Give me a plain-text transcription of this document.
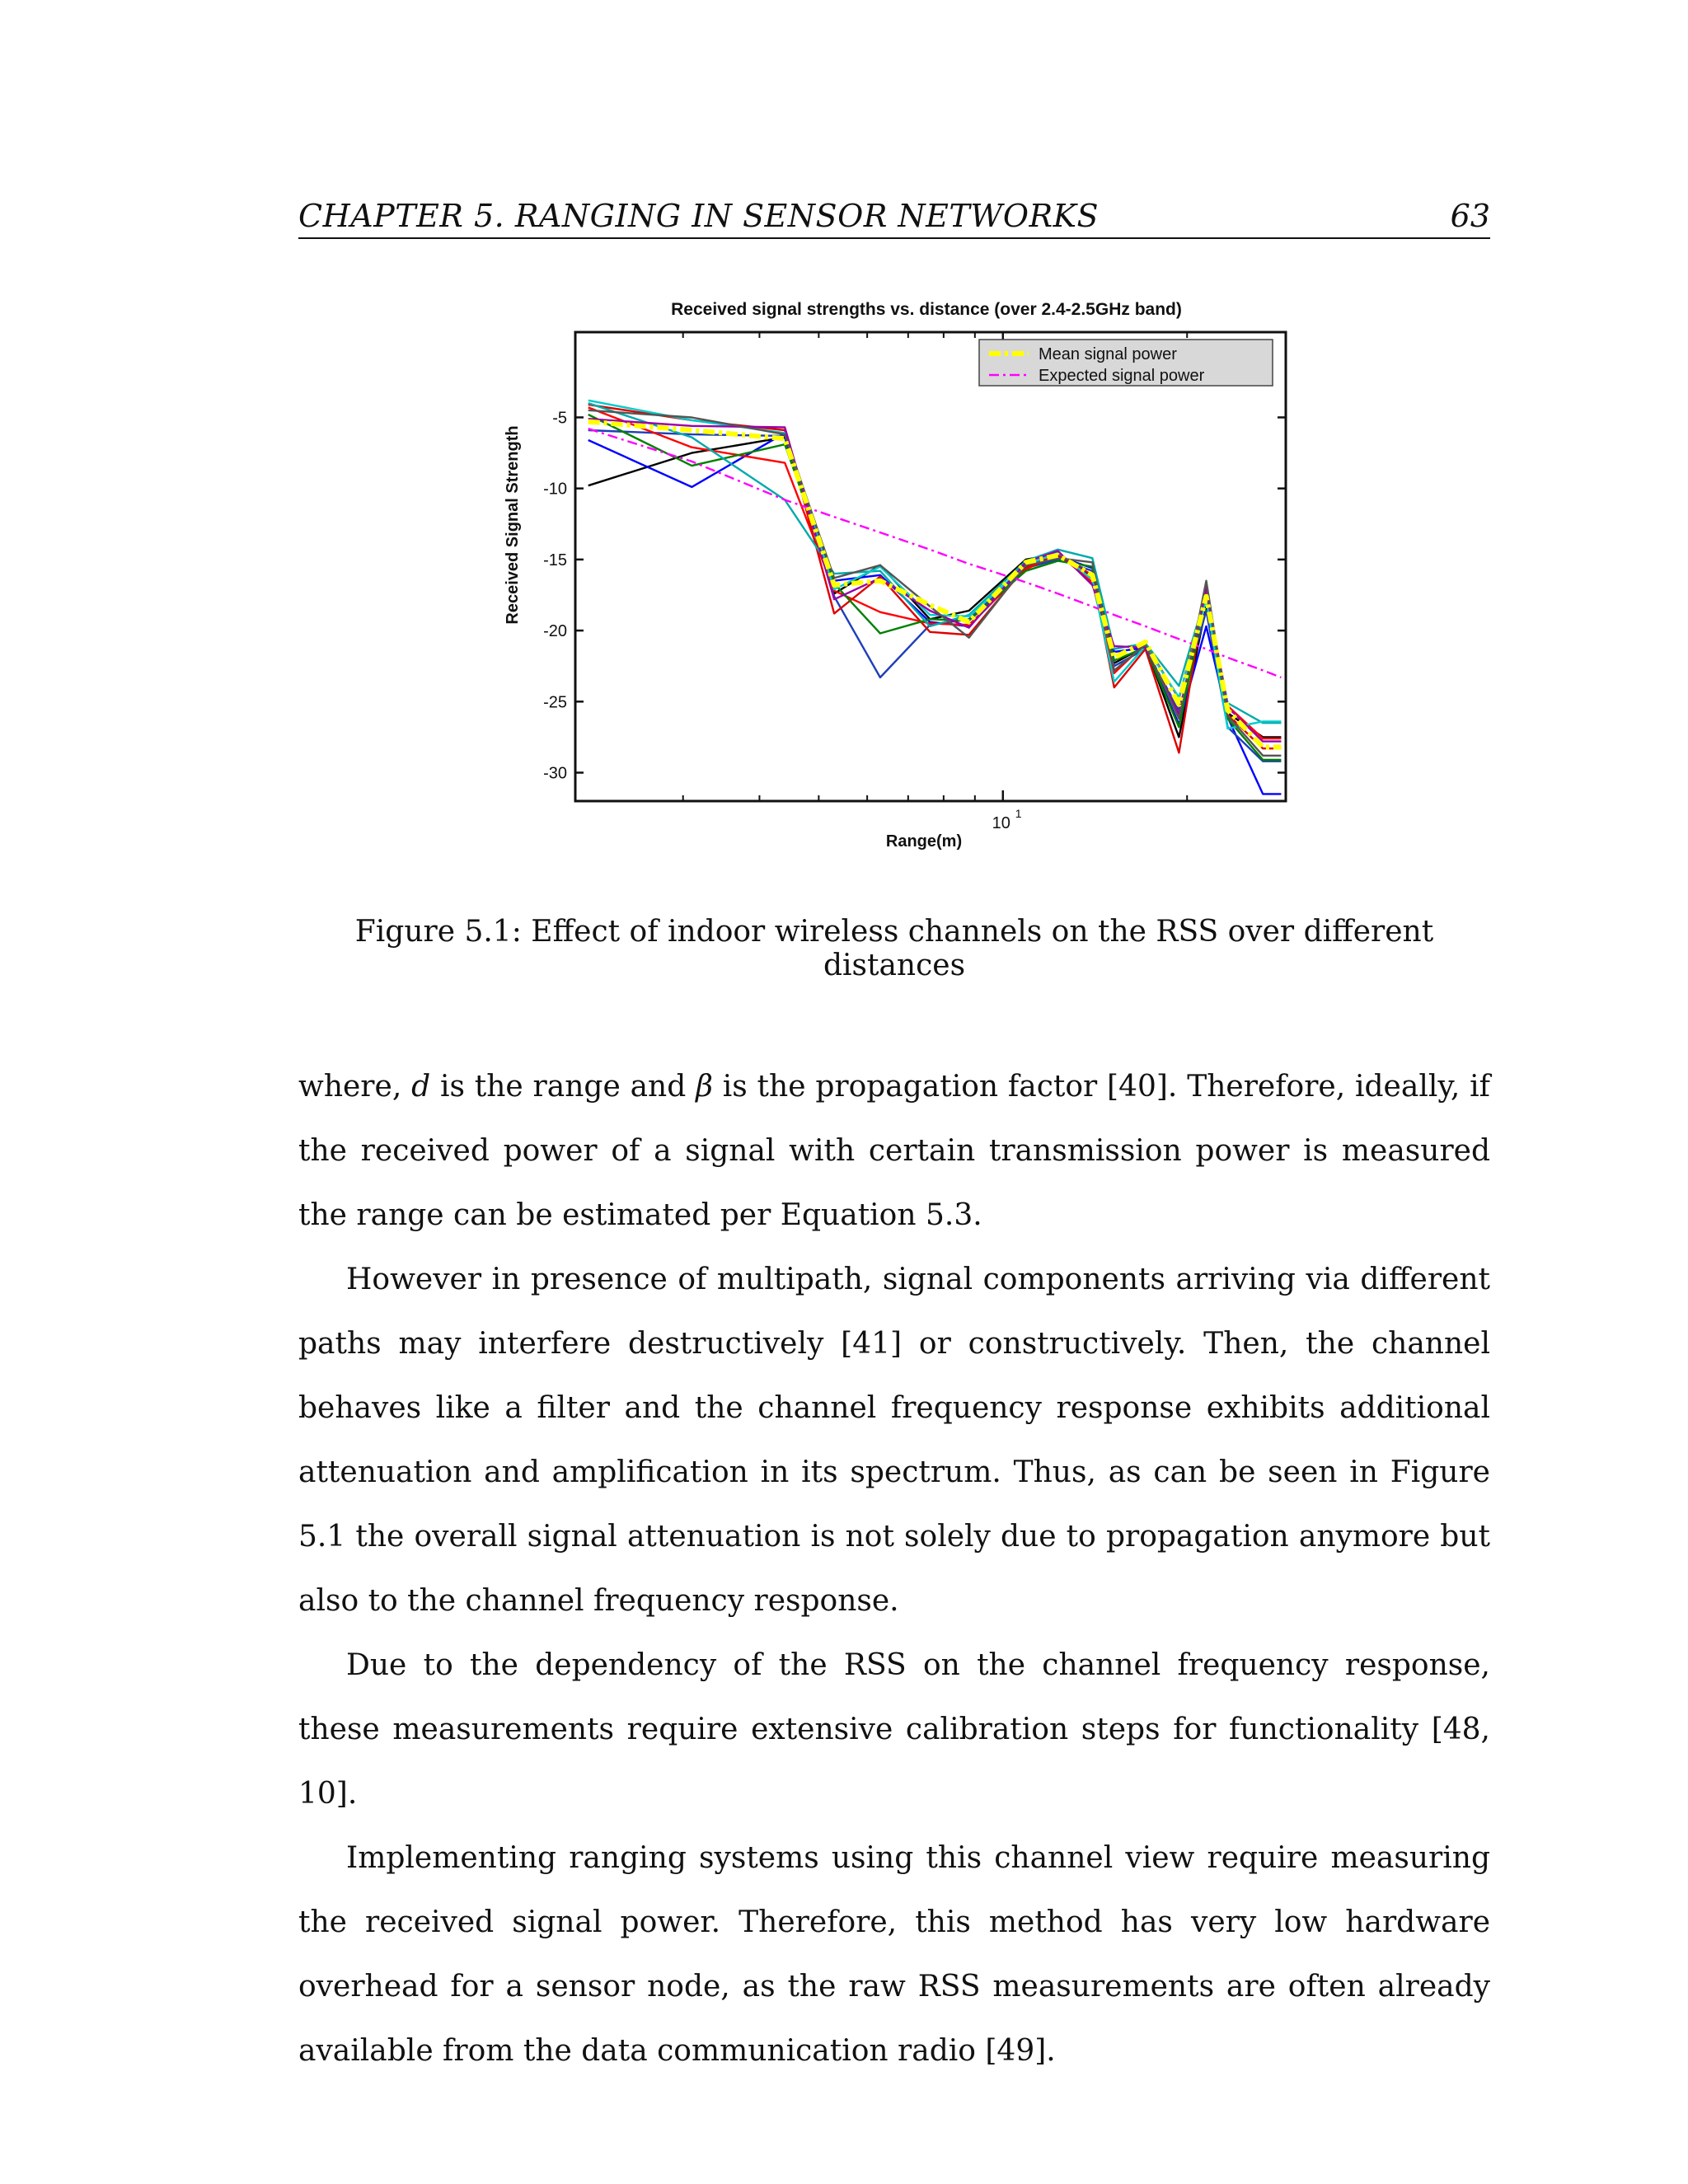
CHAPTER 5. RANGING IN SENSOR NETWORKS	63
Received signal strengths vs. distance (over 2.4-2.5GHz band)
Received Signal Strength
Range(m)
-5
-10
-15
-20
-25
-30
10
1
Mean signal power
Expected signal power
Figure 5.1: Effect of indoor wireless channels on the RSS over different distances

where, d is the range and β is the propagation factor [40]. Therefore, ideally, if the received power of a signal with certain transmission power is measured the range can be estimated per Equation 5.3.

However in presence of multipath, signal components arriving via different paths may interfere destructively [41] or constructively. Then, the channel behaves like a filter and the channel frequency response exhibits additional attenuation and amplification in its spectrum. Thus, as can be seen in Figure 5.1 the overall signal attenuation is not solely due to propagation anymore but also to the channel frequency response.

Due to the dependency of the RSS on the channel frequency response, these measurements require extensive calibration steps for functionality [48, 10].

Implementing ranging systems using this channel view require measuring the received signal power. Therefore, this method has very low hardware overhead for a sensor node, as the raw RSS measurements are often already available from the data communication radio [49].
